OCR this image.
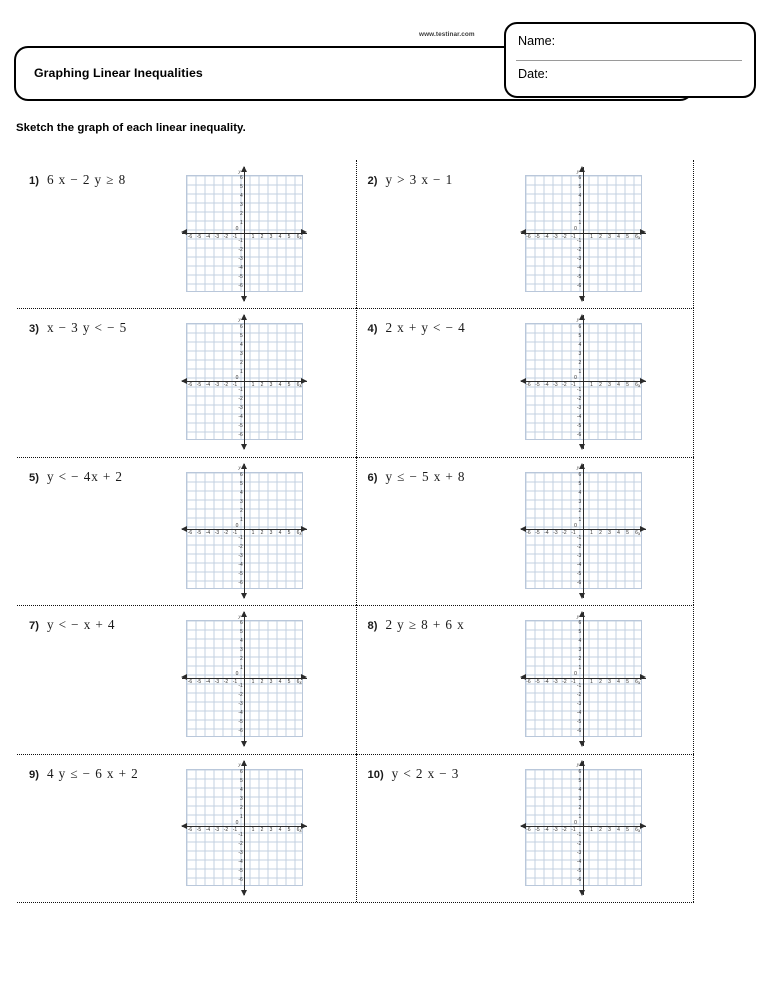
Graphing Linear Inequalities
www.testinar.com	Name:
Date:
Sketch the graph of each linear inequality.
1) 6 x − 2 y ≥ 8
y
x
0
-6 -5 -4 -3 -2 -1	1	2	3	4	5	6
6
5
4
3
2
1
-1
-2
-3
-4
-5
-6
2) y > 3 x − 1
y
x
0
-6 -5 -4 -3 -2 -1	1	2	3	4	5	6
6
5
4
3
2
1
-1
-2
-3
-4
-5
-6
3) x − 3 y < − 5
y
x
0
-6 -5 -4 -3 -2 -1	1	2	3	4	5	6
6
5
4
3
2
1
-1
-2
-3
-4
-5
-6
4) 2 x + y < − 4
y
x
0
-6 -5 -4 -3 -2 -1	1	2	3	4	5	6
6
5
4
3
2
1
-1
-2
-3
-4
-5
-6
5) y < − 4x + 2
y
x
0
-6 -5 -4 -3 -2 -1	1	2	3	4	5	6
6
5
4
3
2
1
-1
-2
-3
-4
-5
-6
6) y ≤ − 5 x + 8
y
x
0
-6 -5 -4 -3 -2 -1	1	2	3	4	5	6
6
5
4
3
2
1
-1
-2
-3
-4
-5
-6
7) y < − x + 4
y
x
0
-6 -5 -4 -3 -2 -1	1	2	3	4	5	6
6
5
4
3
2
1
-1
-2
-3
-4
-5
-6
8) 2 y ≥ 8 + 6 x
y
x
0
-6 -5 -4 -3 -2 -1	1	2	3	4	5	6
6
5
4
3
2
1
-1
-2
-3
-4
-5
-6
9) 4 y ≤ − 6 x + 2
y
x
0
-6 -5 -4 -3 -2 -1	1	2	3	4	5	6
6
5
4
3
2
1
-1
-2
-3
-4
-5
-6
10) y < 2 x − 3
y
x
0
-6 -5 -4 -3 -2 -1	1	2	3	4	5	6
6
5
4
3
2
1
-1
-2
-3
-4
-5
-6
